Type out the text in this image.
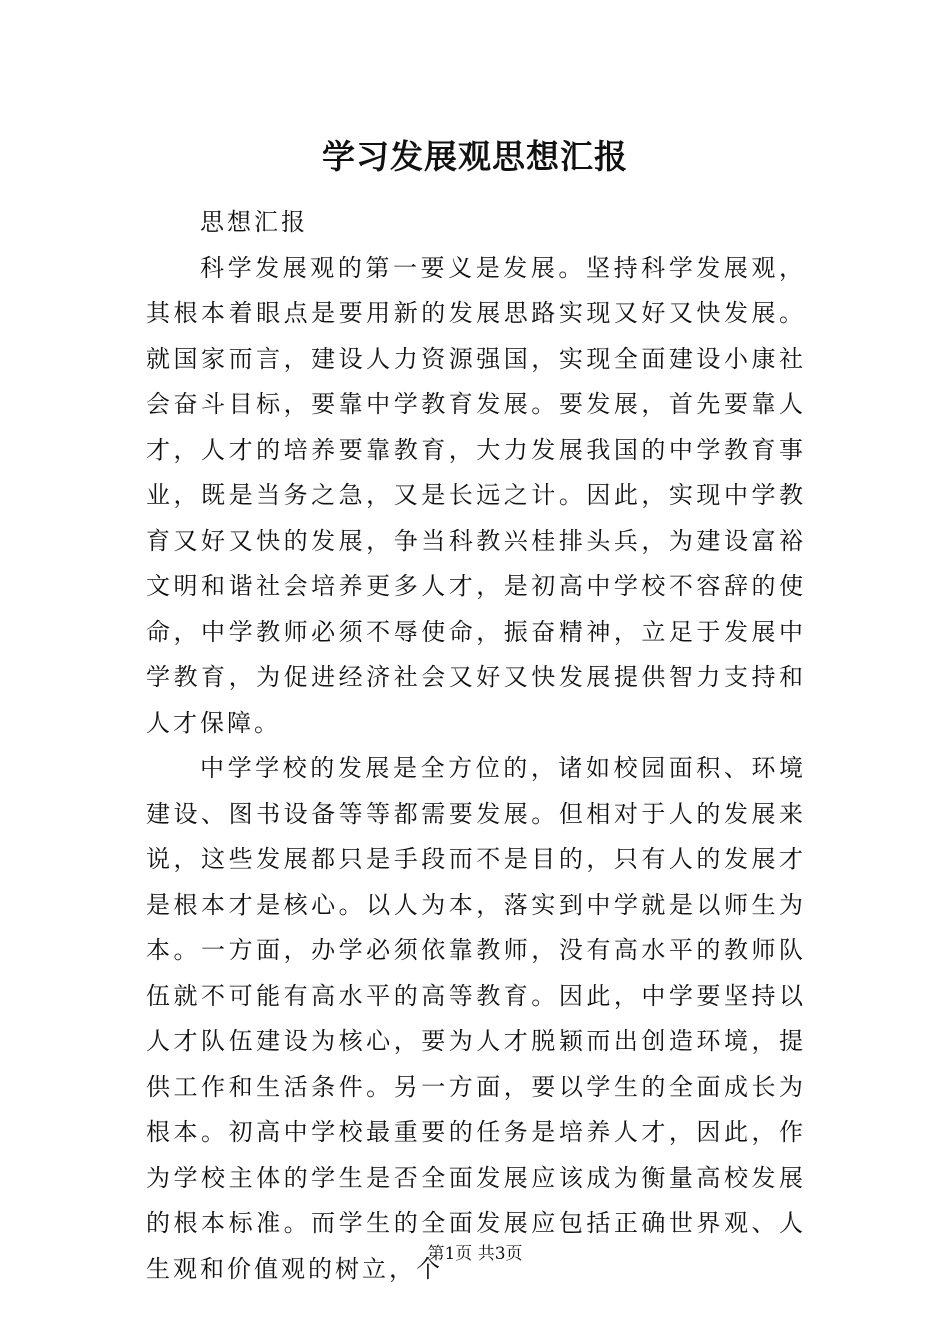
学习发展观思想汇报

思想汇报

科学发展观的第一要义是发展。坚持科学发展观，其根本着眼点是要用新的发展思路实现又好又快发展。就国家而言，建设人力资源强国，实现全面建设小康社会奋斗目标，要靠中学教育发展。要发展，首先要靠人才，人才的培养要靠教育，大力发展我国的中学教育事业，既是当务之急，又是长远之计。因此，实现中学教育又好又快的发展，争当科教兴桂排头兵，为建设富裕文明和谐社会培养更多人才，是初高中学校不容辞的使命，中学教师必须不辱使命，振奋精神，立足于发展中学教育，为促进经济社会又好又快发展提供智力支持和人才保障。

中学学校的发展是全方位的，诸如校园面积、环境建设、图书设备等等都需要发展。但相对于人的发展来说，这些发展都只是手段而不是目的，只有人的发展才是根本才是核心。以人为本，落实到中学就是以师生为本。一方面，办学必须依靠教师，没有高水平的教师队伍就不可能有高水平的高等教育。因此，中学要坚持以人才队伍建设为核心，要为人才脱颖而出创造环境，提供工作和生活条件。另一方面，要以学生的全面成长为根本。初高中学校最重要的任务是培养人才，因此，作为学校主体的学生是否全面发展应该成为衡量高校发展的根本标准。而学生的全面发展应包括正确世界观、人生观和价值观的树立，个

第1页 共3页
